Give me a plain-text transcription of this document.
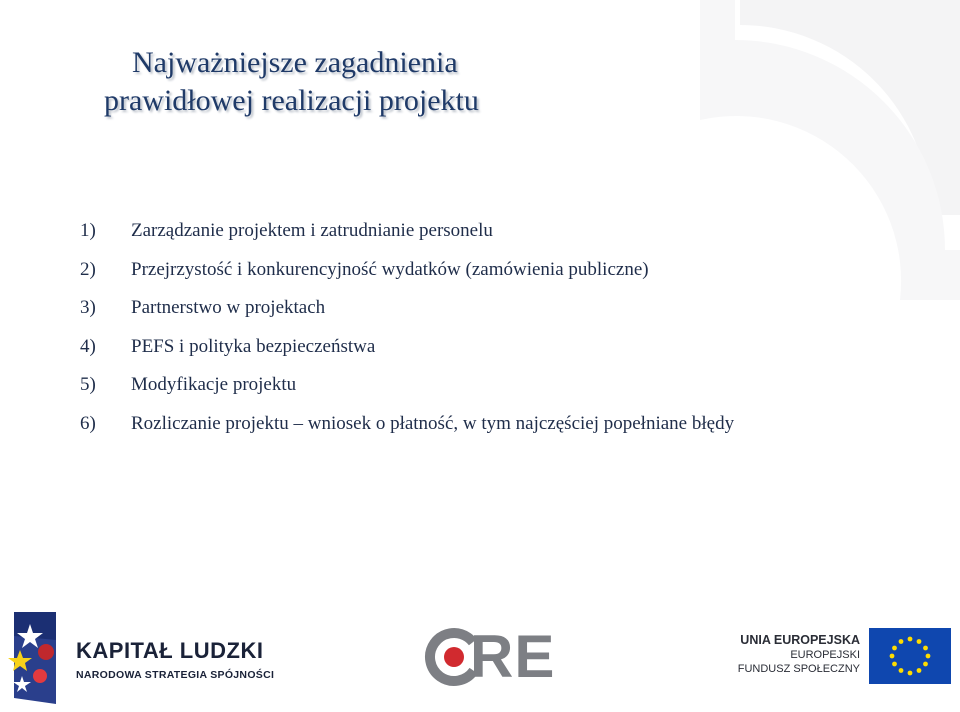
Najważniejsze zagadnienia
prawidłowej realizacji projektu
1) Zarządzanie projektem i zatrudnianie personelu
2) Przejrzystość i konkurencyjność wydatków (zamówienia publiczne)
3) Partnerstwo w projektach
4) PEFS i polityka bezpieczeństwa
5) Modyfikacje projektu
6) Rozliczanie projektu – wniosek o płatność, w tym najczęściej popełniane błędy
KAPITAŁ LUDZKI
NARODOWA STRATEGIA SPÓJNOŚCI	RE	UNIA EUROPEJSKA
EUROPEJSKI
FUNDUSZ SPOŁECZNY
